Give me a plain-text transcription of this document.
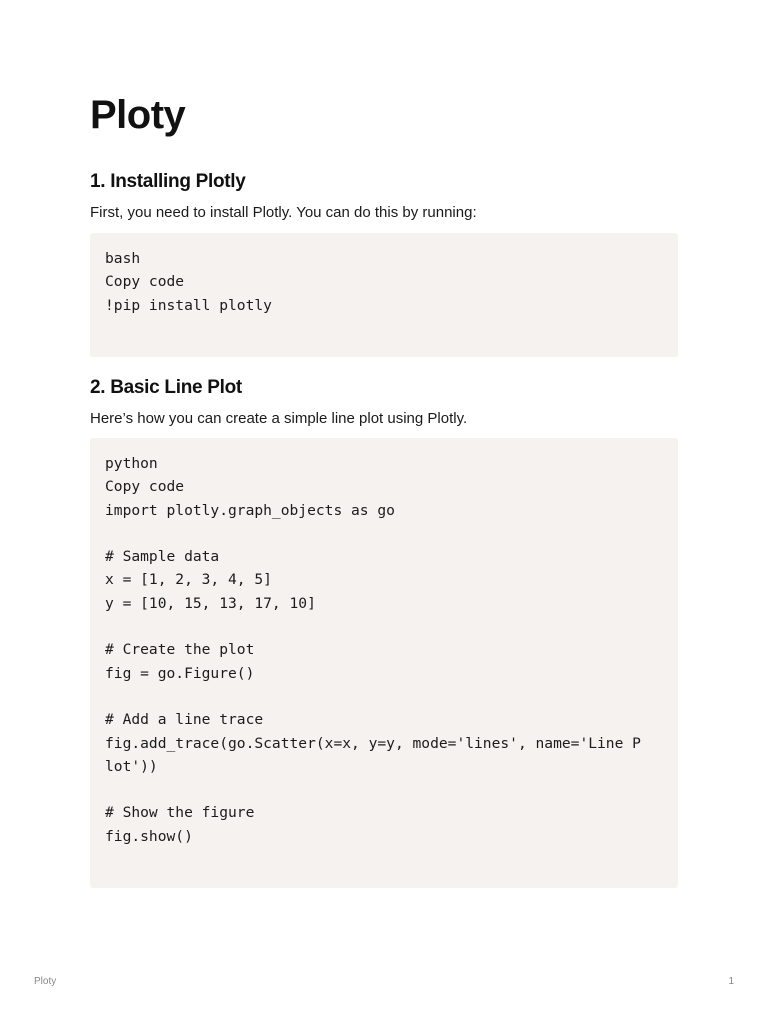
Ploty
1. Installing Plotly

First, you need to install Plotly. You can do this by running:

bash
Copy code
!pip install plotly
2. Basic Line Plot

Here’s how you can create a simple line plot using Plotly.

python
Copy code
import plotly.graph_objects as go
# Sample data
x = [1, 2, 3, 4, 5]
y = [10, 15, 13, 17, 10]
# Create the plot
fig = go.Figure()
# Add a line trace
fig.add_trace(go.Scatter(x=x, y=y, mode='lines', name='Line P
lot'))
# Show the figure
fig.show()
Ploty	1
